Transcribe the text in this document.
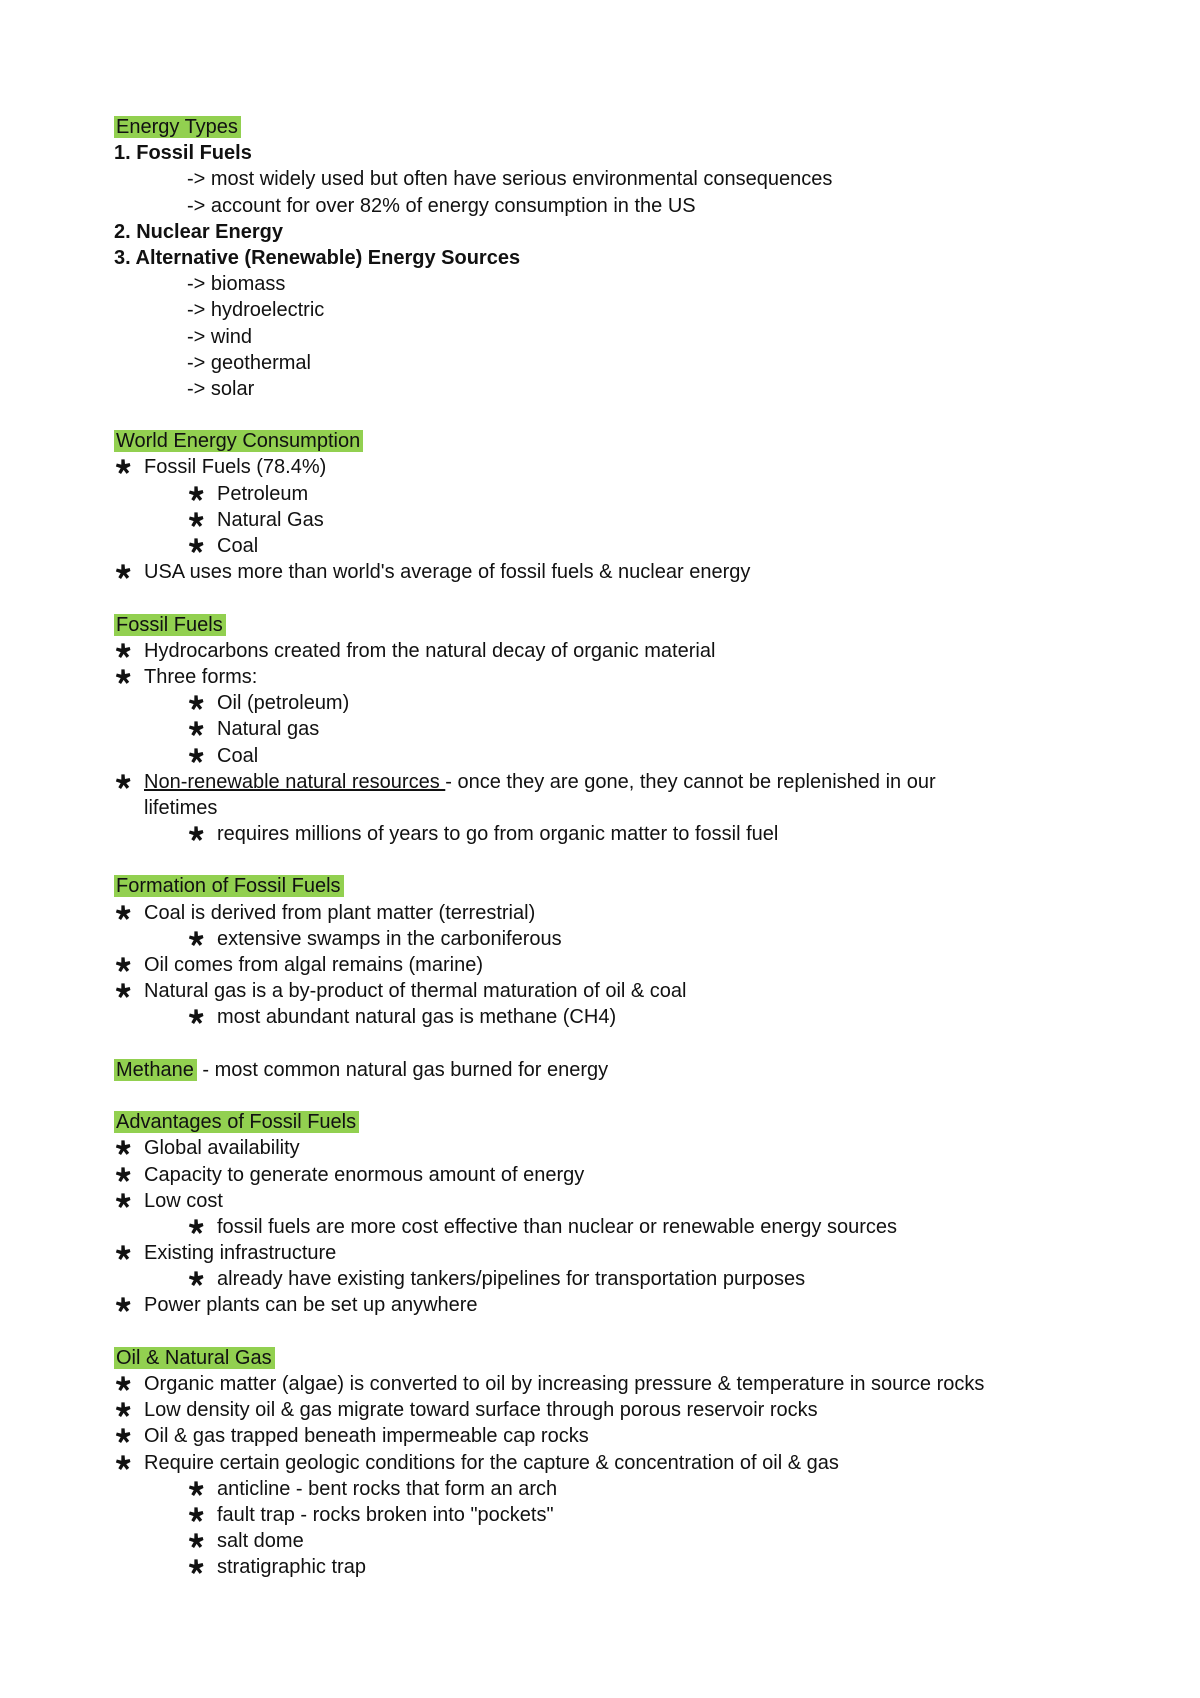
Energy Types
1. Fossil Fuels
-> most widely used but often have serious environmental consequences
-> account for over 82% of energy consumption in the US
2. Nuclear Energy
3. Alternative (Renewable) Energy Sources
-> biomass
-> hydroelectric
-> wind
-> geothermal
-> solar
World Energy Consumption
Fossil Fuels (78.4%)
Petroleum
Natural Gas
Coal
USA uses more than world's average of fossil fuels & nuclear energy
Fossil Fuels
Hydrocarbons created from the natural decay of organic material
Three forms:
Oil (petroleum)
Natural gas
Coal
Non-renewable natural resources - once they are gone, they cannot be replenished in our
lifetimes
requires millions of years to go from organic matter to fossil fuel
Formation of Fossil Fuels
Coal is derived from plant matter (terrestrial)
extensive swamps in the carboniferous
Oil comes from algal remains (marine)
Natural gas is a by-product of thermal maturation of oil & coal
most abundant natural gas is methane (CH4)
Methane - most common natural gas burned for energy
Advantages of Fossil Fuels
Global availability
Capacity to generate enormous amount of energy
Low cost
fossil fuels are more cost effective than nuclear or renewable energy sources
Existing infrastructure
already have existing tankers/pipelines for transportation purposes
Power plants can be set up anywhere
Oil & Natural Gas
Organic matter (algae) is converted to oil by increasing pressure & temperature in source rocks
Low density oil & gas migrate toward surface through porous reservoir rocks
Oil & gas trapped beneath impermeable cap rocks
Require certain geologic conditions for the capture & concentration of oil & gas
anticline - bent rocks that form an arch
fault trap - rocks broken into "pockets"
salt dome
stratigraphic trap
